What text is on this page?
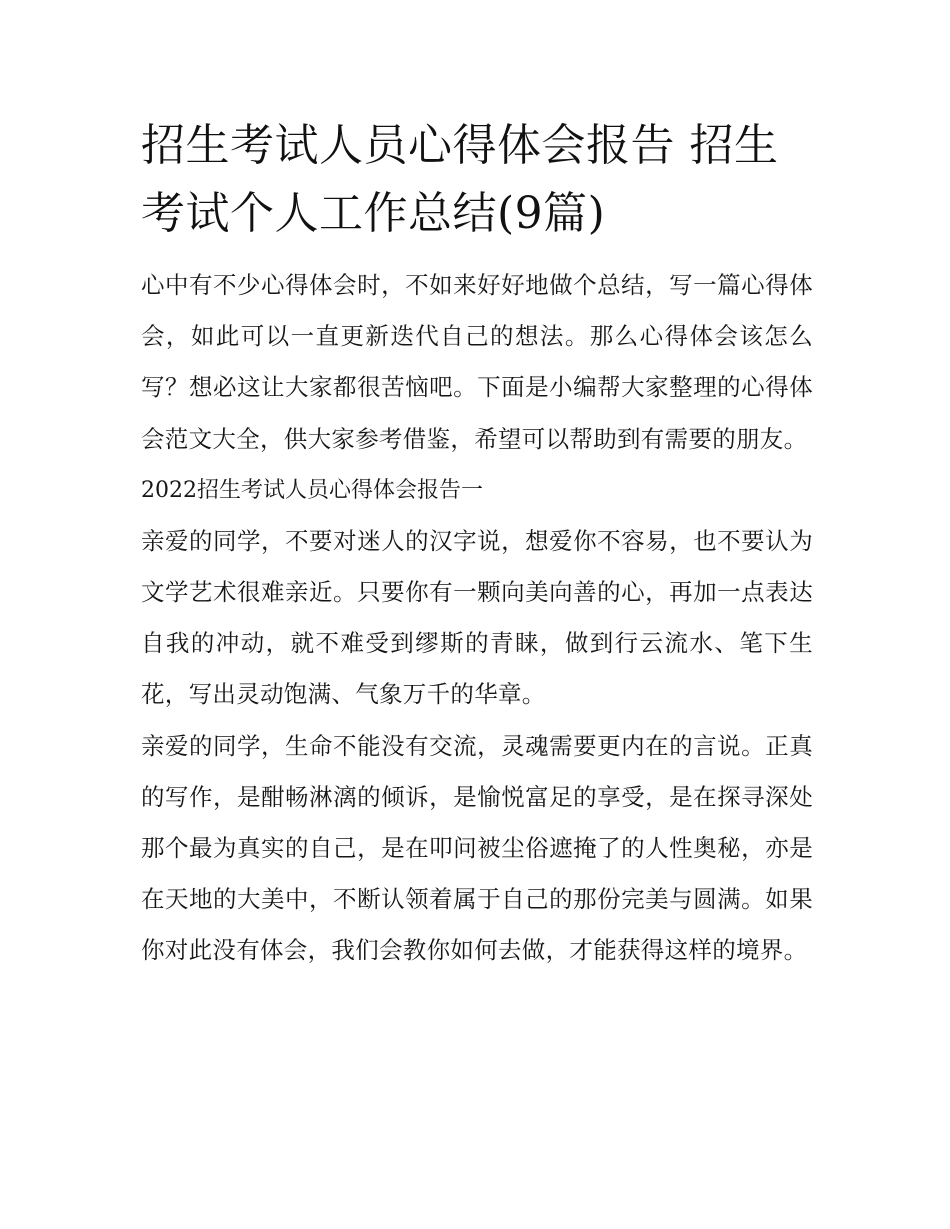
招生考试人员心得体会报告 招生考试个人工作总结(9篇)

心中有不少心得体会时，不如来好好地做个总结，写一篇心得体会，如此可以一直更新迭代自己的想法。那么心得体会该怎么写？想必这让大家都很苦恼吧。下面是小编帮大家整理的心得体会范文大全，供大家参考借鉴，希望可以帮助到有需要的朋友。

2022招生考试人员心得体会报告一

亲爱的同学，不要对迷人的汉字说，想爱你不容易，也不要认为文学艺术很难亲近。只要你有一颗向美向善的心，再加一点表达自我的冲动，就不难受到缪斯的青睐，做到行云流水、笔下生花，写出灵动饱满、气象万千的华章。

亲爱的同学，生命不能没有交流，灵魂需要更内在的言说。正真的写作，是酣畅淋漓的倾诉，是愉悦富足的享受，是在探寻深处那个最为真实的自己，是在叩问被尘俗遮掩了的人性奥秘，亦是在天地的大美中，不断认领着属于自己的那份完美与圆满。如果你对此没有体会，我们会教你如何去做，才能获得这样的境界。
